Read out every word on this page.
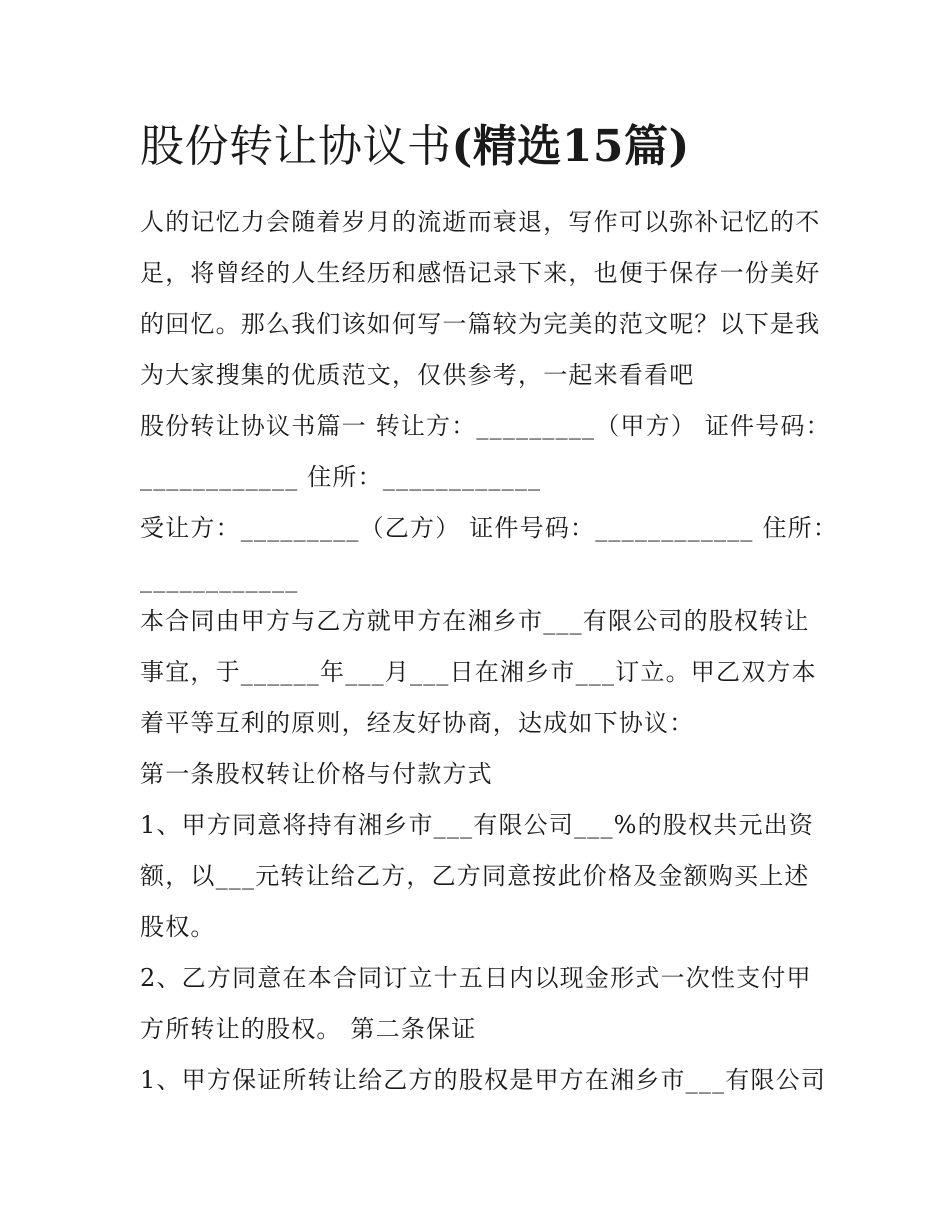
股份转让协议书(精选15篇)
人的记忆力会随着岁月的流逝而衰退，写作可以弥补记忆的不
足，将曾经的人生经历和感悟记录下来，也便于保存一份美好
的回忆。那么我们该如何写一篇较为完美的范文呢？以下是我
为大家搜集的优质范文，仅供参考，一起来看看吧
股份转让协议书篇一 转让方：_________（甲方） 证件号码：
____________ 住所：____________
受让方：_________（乙方） 证件号码：____________ 住所：
____________
本合同由甲方与乙方就甲方在湘乡市___有限公司的股权转让
事宜，于______年___月___日在湘乡市___订立。甲乙双方本
着平等互利的原则，经友好协商，达成如下协议：
第一条股权转让价格与付款方式
1、甲方同意将持有湘乡市___有限公司___%的股权共元出资
额，以___元转让给乙方，乙方同意按此价格及金额购买上述
股权。
2、乙方同意在本合同订立十五日内以现金形式一次性支付甲
方所转让的股权。 第二条保证
1、甲方保证所转让给乙方的股权是甲方在湘乡市___有限公司
